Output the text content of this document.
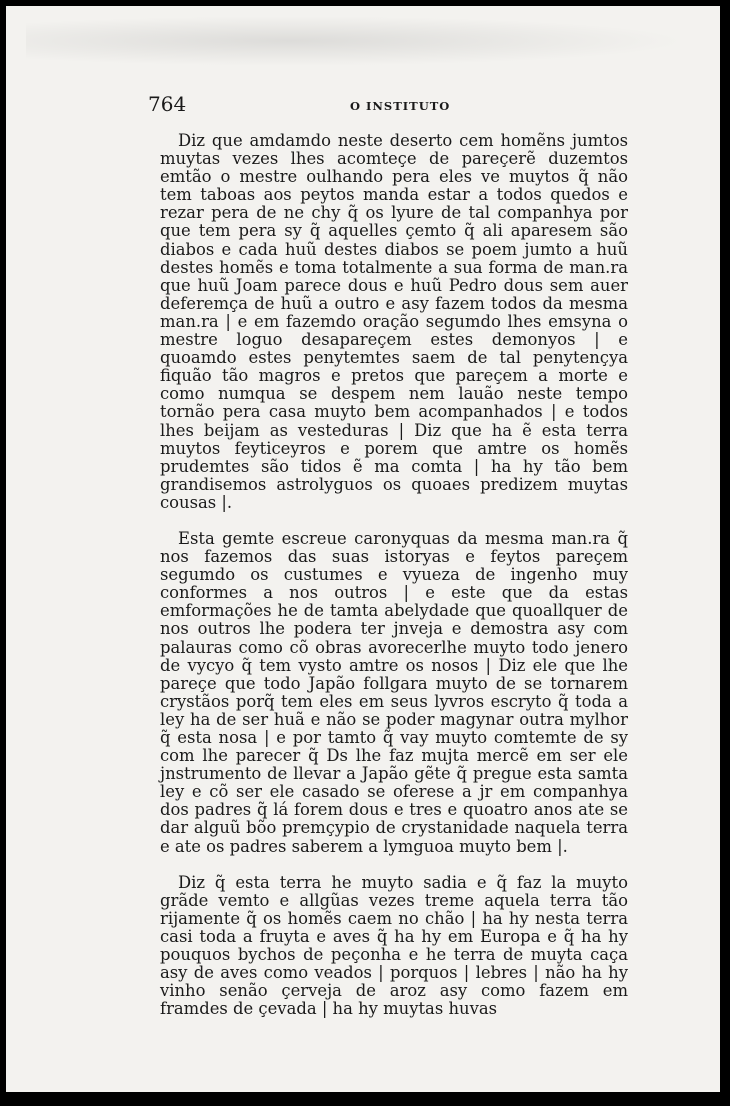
764	O INSTITUTO

Diz que amdamdo neste deserto cem homẽns jumtos muytas vezes lhes acomteçe de pareçerẽ duzemtos emtão o mestre oulhando pera eles ve muytos q̃ não tem taboas aos peytos manda estar a todos quedos e rezar pera de ne chy q̃ os lyure de tal companhya por que tem pera sy q̃ aquelles çemto q̃ ali aparesem são diabos e cada huũ destes diabos se poem jumto a huũ destes homẽs e toma totalmente a sua forma de man.ra que huũ Joam parece dous e huũ Pedro dous sem auer deferemça de huũ a outro e asy fazem todos da mesma man.ra | e em fazemdo oração segumdo lhes emsyna o mestre loguo desapareçem estes demonyos | e quoamdo estes penytemtes saem de tal penytençya fiquão tão magros e pretos que pareçem a morte e como numqua se despem nem lauão neste tempo tornão pera casa muyto bem acompanhados | e todos lhes beijam as vesteduras | Diz que ha ẽ esta terra muytos feyticeyros e porem que amtre os homẽs prudemtes são tidos ẽ ma comta | ha hy tão bem grandisemos astrolyguos os quoaes predizem muytas cousas |.

Esta gemte escreue caronyquas da mesma man.ra q̃ nos fazemos das suas istoryas e feytos pareçem segumdo os custumes e vyueza de ingenho muy conformes a nos outros | e este que da estas emformações he de tamta abelydade que quoallquer de nos outros lhe podera ter jnveja e demostra asy com palauras como cõ obras avorecerlhe muyto todo jenero de vycyo q̃ tem vysto amtre os nosos | Diz ele que lhe pareçe que todo Japão follgara muyto de se tornarem crystãos porq̃ tem eles em seus lyvros escryto q̃ toda a ley ha de ser huã e não se poder magynar outra mylhor q̃ esta nosa | e por tamto q̃ vay muyto comtemte de sy com lhe parecer q̃ Ds lhe faz mujta mercẽ em ser ele jnstrumento de llevar a Japão gẽte q̃ pregue esta samta ley e cõ ser ele casado se oferese a jr em companhya dos padres q̃ lá forem dous e tres e quoatro anos ate se dar alguũ bõo premçypio de crystanidade naquela terra e ate os padres saberem a lymguoa muyto bem |.

Diz q̃ esta terra he muyto sadia e q̃ faz la muyto grãde vemto e allgũas vezes treme aquela terra tão rijamente q̃ os homẽs caem no chão | ha hy nesta terra casi toda a fruyta e aves q̃ ha hy em Europa e q̃ ha hy pouquos bychos de peçonha e he terra de muyta caça asy de aves como veados | porquos | lebres | não ha hy vinho senão çerveja de aroz asy como fazem em framdes de çevada | ha hy muytas huvas
